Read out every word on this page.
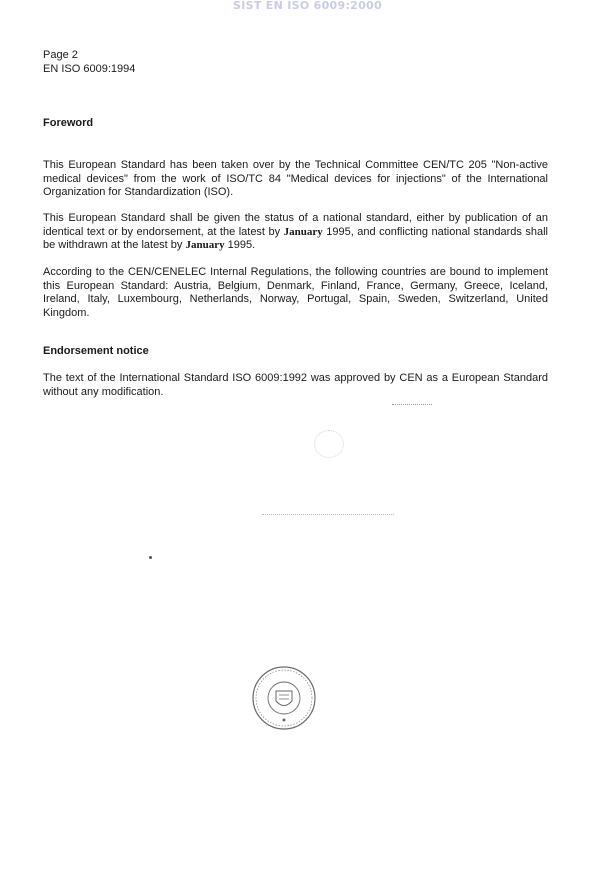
SIST EN ISO 6009:2000
Page 2
EN ISO 6009:1994
Foreword
This European Standard has been taken over by the Technical Committee CEN/TC 205 "Non-active medical devices" from the work of ISO/TC 84 "Medical devices for injections" of the International Organization for Standardization (ISO).
This European Standard shall be given the status of a national standard, either by publication of an identical text or by endorsement, at the latest by January 1995, and conflicting national standards shall be withdrawn at the latest by January 1995.
According to the CEN/CENELEC Internal Regulations, the following countries are bound to implement this European Standard: Austria, Belgium, Denmark, Finland, France, Germany, Greece, Iceland, Ireland, Italy, Luxembourg, Netherlands, Norway, Portugal, Spain, Sweden, Switzerland, United Kingdom.
Endorsement notice
The text of the International Standard ISO 6009:1992 was approved by CEN as a European Standard without any modification.
